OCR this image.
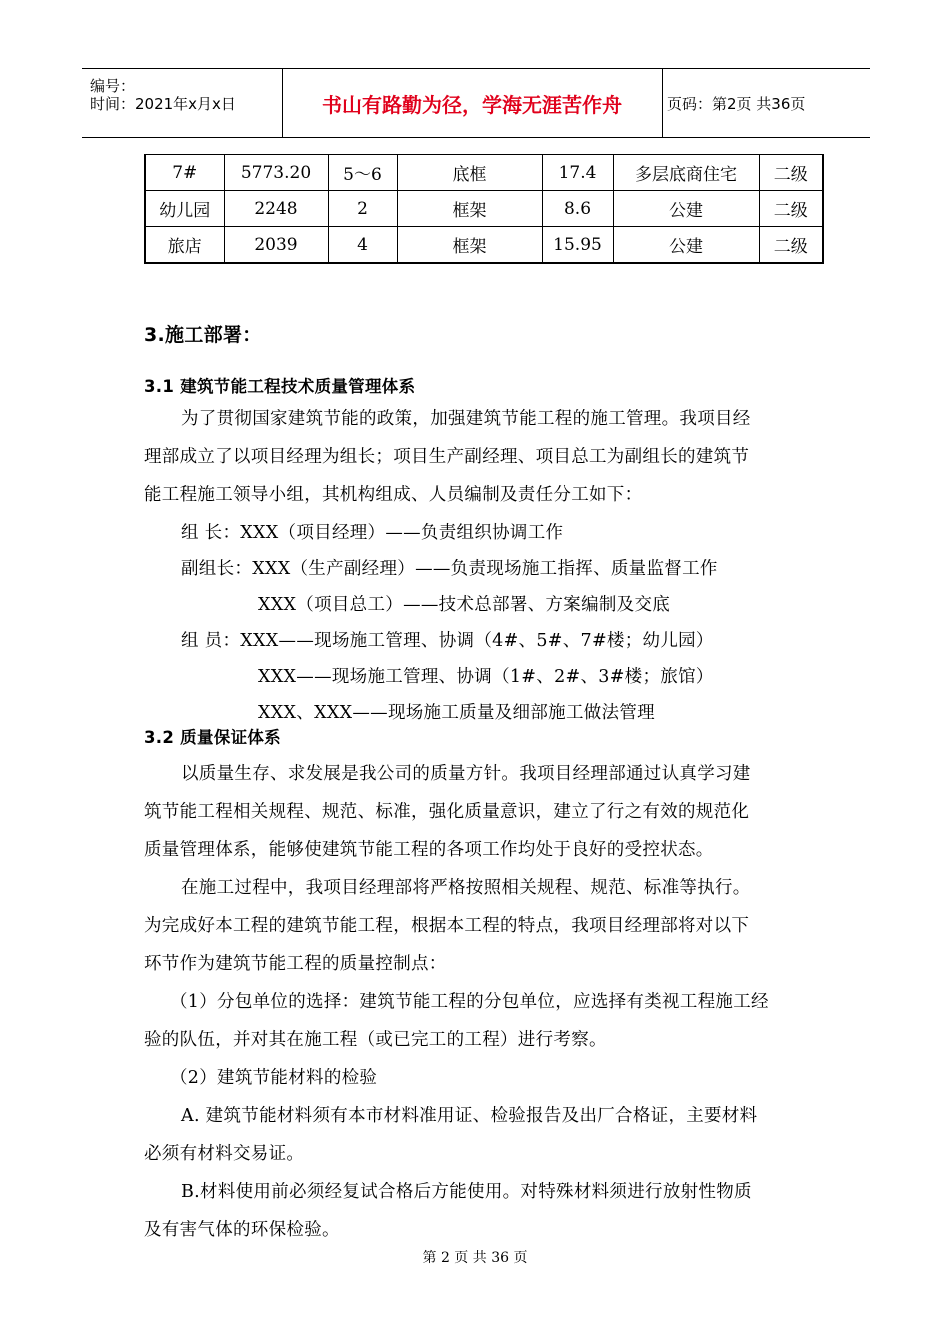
编号：
时间：2021年x月x日	书山有路勤为径，学海无涯苦作舟	页码：第2页 共36页
7#	5773.20	5～6	底框	17.4	多层底商住宅	二级
幼儿园	2248	2	框架	8.6	公建	二级
旅店	2039	4	框架	15.95	公建	二级
3.施工部署：
3.1 建筑节能工程技术质量管理体系
为了贯彻国家建筑节能的政策，加强建筑节能工程的施工管理。我项目经
理部成立了以项目经理为组长；项目生产副经理、项目总工为副组长的建筑节
能工程施工领导小组，其机构组成、人员编制及责任分工如下：
组 长：XXX（项目经理）——负责组织协调工作
副组长：XXX（生产副经理）——负责现场施工指挥、质量监督工作
XXX（项目总工）——技术总部署、方案编制及交底
组 员：XXX——现场施工管理、协调（4#、5#、7#楼；幼儿园）
XXX——现场施工管理、协调（1#、2#、3#楼；旅馆）
XXX、XXX——现场施工质量及细部施工做法管理
3.2 质量保证体系
以质量生存、求发展是我公司的质量方针。我项目经理部通过认真学习建
筑节能工程相关规程、规范、标准，强化质量意识，建立了行之有效的规范化
质量管理体系，能够使建筑节能工程的各项工作均处于良好的受控状态。
在施工过程中，我项目经理部将严格按照相关规程、规范、标准等执行。
为完成好本工程的建筑节能工程，根据本工程的特点，我项目经理部将对以下
环节作为建筑节能工程的质量控制点：
（1）分包单位的选择：建筑节能工程的分包单位，应选择有类视工程施工经
验的队伍，并对其在施工程（或已完工的工程）进行考察。
（2）建筑节能材料的检验
A. 建筑节能材料须有本市材料准用证、检验报告及出厂合格证，主要材料
必须有材料交易证。
B.材料使用前必须经复试合格后方能使用。对特殊材料须进行放射性物质
及有害气体的环保检验。
第 2 页 共 36 页
